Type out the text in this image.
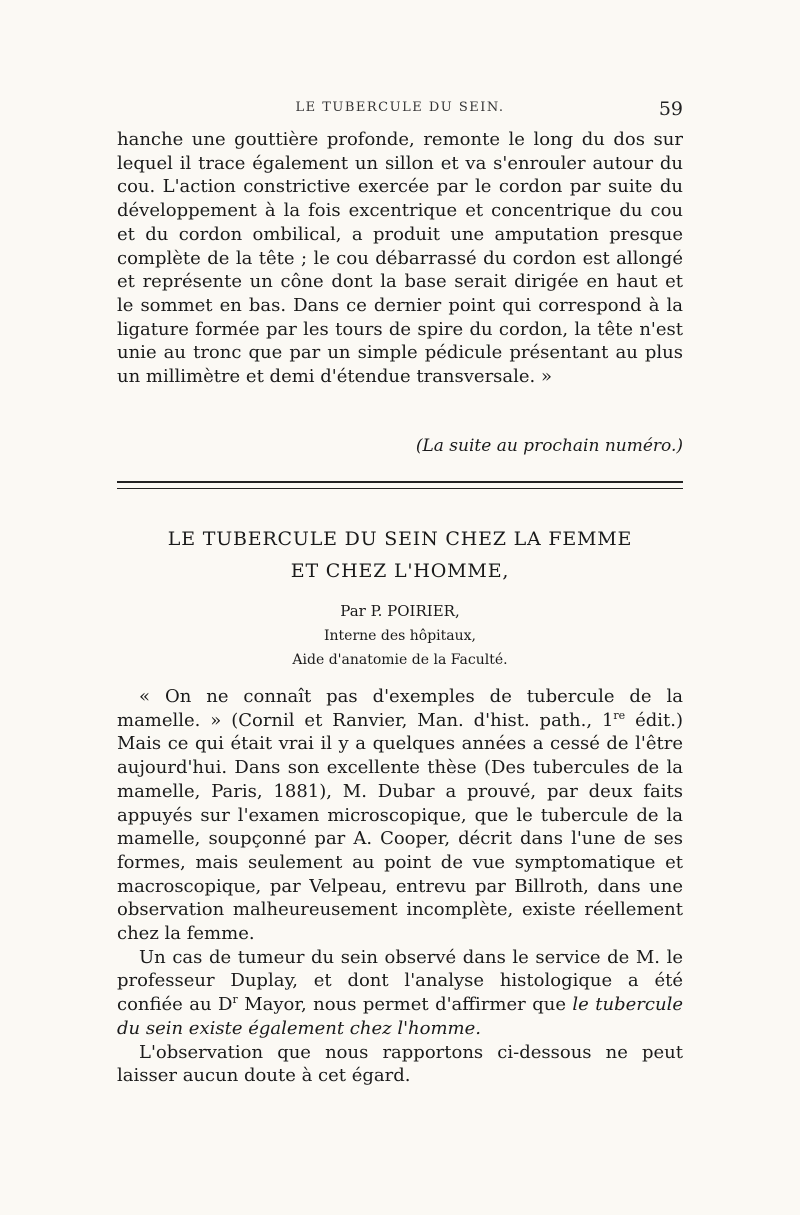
LE TUBERCULE DU SEIN.	59

hanche une gouttière profonde, remonte le long du dos sur lequel il trace également un sillon et va s'enrouler autour du cou. L'action constrictive exercée par le cordon par suite du développement à la fois excentrique et concentrique du cou et du cordon ombilical, a produit une amputation presque complète de la tête ; le cou débarrassé du cordon est allongé et représente un cône dont la base serait dirigée en haut et le sommet en bas. Dans ce dernier point qui correspond à la ligature formée par les tours de spire du cordon, la tête n'est unie au tronc que par un simple pédicule présentant au plus un millimètre et demi d'étendue transversale. »

(La suite au prochain numéro.)
LE TUBERCULE DU SEIN CHEZ LA FEMME
ET CHEZ L'HOMME,
Par P. POIRIER,
Interne des hôpitaux,
Aide d'anatomie de la Faculté.

« On ne connaît pas d'exemples de tubercule de la mamelle. » (Cornil et Ranvier, Man. d'hist. path., 1re édit.) Mais ce qui était vrai il y a quelques années a cessé de l'être aujourd'hui. Dans son excellente thèse (Des tubercules de la mamelle, Paris, 1881), M. Dubar a prouvé, par deux faits appuyés sur l'examen microscopique, que le tubercule de la mamelle, soupçonné par A. Cooper, décrit dans l'une de ses formes, mais seulement au point de vue symptomatique et macroscopique, par Velpeau, entrevu par Billroth, dans une observation malheureusement incomplète, existe réellement chez la femme.

Un cas de tumeur du sein observé dans le service de M. le professeur Duplay, et dont l'analyse histologique a été confiée au $D^r$ Mayor, nous permet d'affirmer que le tubercule du sein existe également chez l'homme.

L'observation que nous rapportons ci-dessous ne peut laisser aucun doute à cet égard.
